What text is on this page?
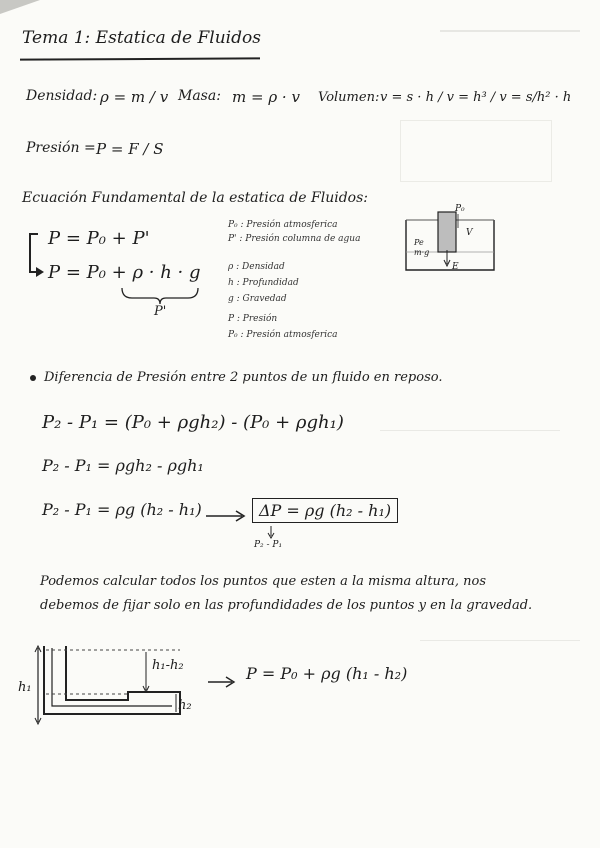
Tema 1: Estatica de Fluidos
Densidad: ρ = m / v Masa: m = ρ · v Volumen: v = s · h / v = h³ / v = s/h² · h
Presión = P = F / S
Ecuación Fundamental de la estatica de Fluidos:
P = P₀ + P'
P = P₀ + ρ · h · g
P'
P₀ : Presión atmosferica
P' : Presión columna de agua
ρ : Densidad
h : Profundidad
g : Gravedad
P : Presión
P₀ : Presión atmosferica
P₀
V
Pe
m·g
E
Diferencia de Presión entre 2 puntos de un fluido en reposo.
P₂ - P₁ = (P₀ + ρgh₂) - (P₀ + ρgh₁)
P₂ - P₁ = ρgh₂ - ρgh₁
P₂ - P₁ = ρg (h₂ - h₁)	ΔP = ρg (h₂ - h₁)
P₂ - P₁
Podemos calcular todos los puntos que esten a la misma altura, nos
debemos de fijar solo en las profundidades de los puntos y en la gravedad.
h₁
h₁-h₂
h₂
P = P₀ + ρg (h₁ - h₂)
